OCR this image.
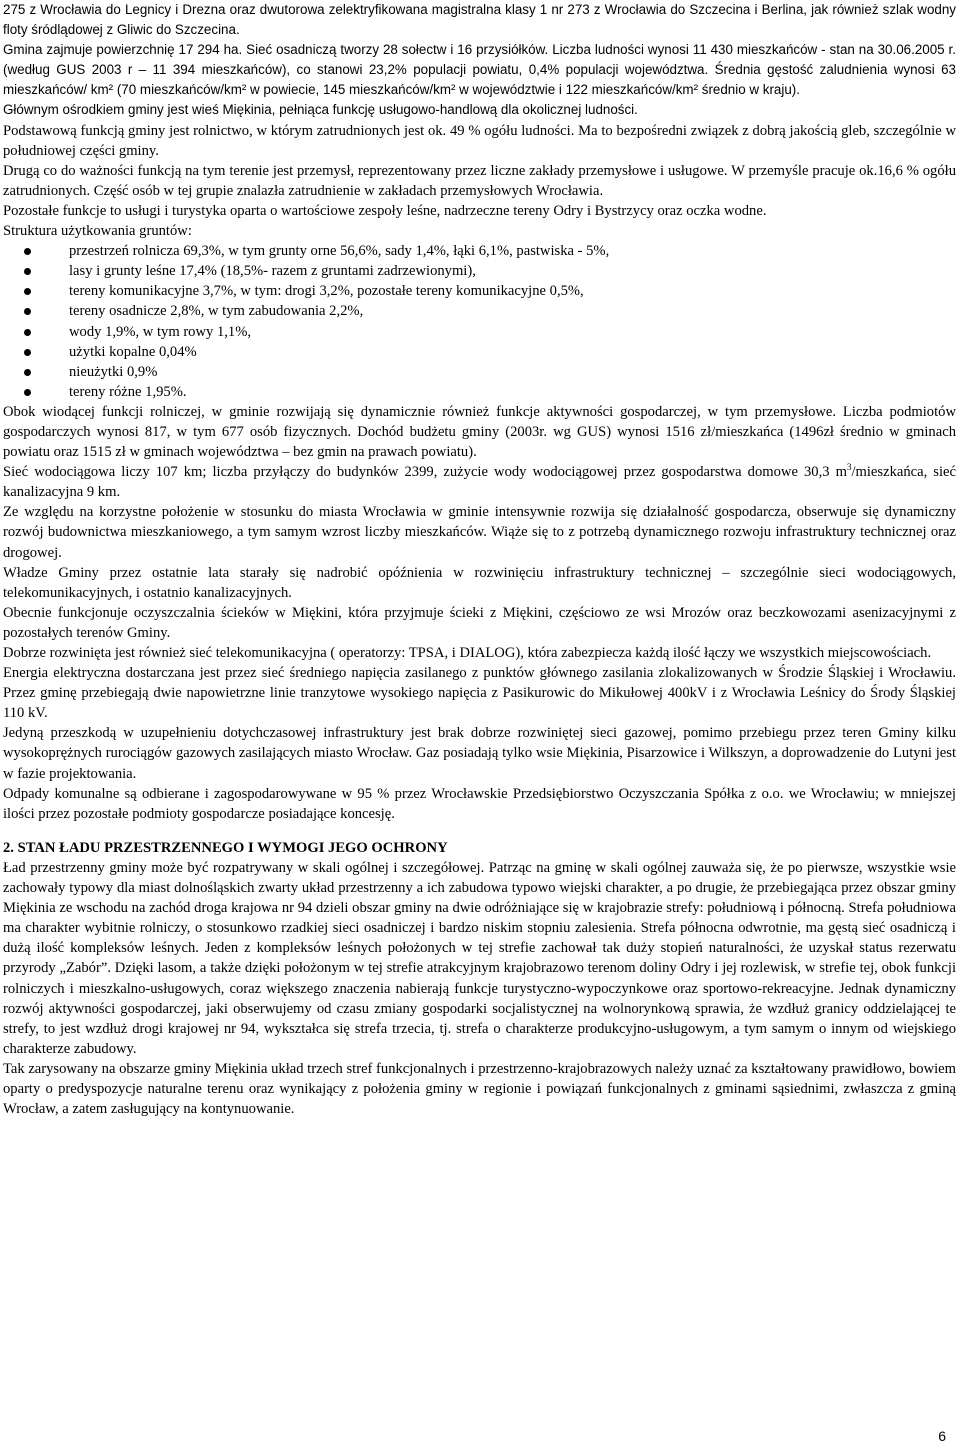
275 z Wrocławia do Legnicy i Drezna oraz dwutorowa zelektryfikowana magistralna klasy 1 nr 273 z Wrocławia do Szczecina i Berlina, jak również szlak wodny floty śródlądowej z Gliwic do Szczecina.

Gmina zajmuje powierzchnię 17 294 ha. Sieć osadniczą tworzy 28 sołectw i 16 przysiółków. Liczba ludności wynosi 11 430 mieszkańców - stan na 30.06.2005 r. (według GUS 2003 r – 11 394 mieszkańców), co stanowi 23,2% populacji powiatu, 0,4% populacji województwa. Średnia gęstość zaludnienia wynosi 63 mieszkańców/ km² (70 mieszkańców/km² w powiecie, 145 mieszkańców/km² w województwie i 122 mieszkańców/km² średnio w kraju).

Głównym ośrodkiem gminy jest wieś Miękinia, pełniąca funkcję usługowo-handlową dla okolicznej ludności.

Podstawową funkcją gminy jest rolnictwo, w którym zatrudnionych jest ok. 49 % ogółu ludności. Ma to bezpośredni związek z dobrą jakością gleb, szczególnie w południowej części gminy.

Drugą co do ważności funkcją na tym terenie jest przemysł, reprezentowany przez liczne zakłady przemysłowe i usługowe. W przemyśle pracuje ok.16,6 % ogółu zatrudnionych. Część osób w tej grupie znalazła zatrudnienie w zakładach przemysłowych Wrocławia.

Pozostałe funkcje to usługi i turystyka oparta o wartościowe zespoły leśne, nadrzeczne tereny Odry i Bystrzycy oraz oczka wodne.

Struktura użytkowania gruntów:

przestrzeń rolnicza 69,3%, w tym grunty orne 56,6%, sady 1,4%, łąki 6,1%, pastwiska - 5%,
lasy i grunty leśne 17,4% (18,5%- razem z gruntami zadrzewionymi),
tereny komunikacyjne 3,7%, w tym: drogi 3,2%, pozostałe tereny komunikacyjne 0,5%,
tereny osadnicze 2,8%, w tym zabudowania 2,2%,
wody 1,9%, w tym rowy 1,1%,
użytki kopalne 0,04%
nieużytki 0,9%
tereny różne 1,95%.

Obok wiodącej funkcji rolniczej, w gminie rozwijają się dynamicznie również funkcje aktywności gospodarczej, w tym przemysłowe. Liczba podmiotów gospodarczych wynosi 817, w tym 677 osób fizycznych. Dochód budżetu gminy (2003r. wg GUS) wynosi 1516 zł/mieszkańca (1496zł średnio w gminach powiatu oraz 1515 zł w gminach województwa – bez gmin na prawach powiatu).

Sieć wodociągowa liczy 107 km; liczba przyłączy do budynków 2399, zużycie wody wodociągowej przez gospodarstwa domowe 30,3 $m^3$/mieszkańca, sieć kanalizacyjna 9 km.

Ze względu na korzystne położenie w stosunku do miasta Wrocławia w gminie intensywnie rozwija się działalność gospodarcza, obserwuje się dynamiczny rozwój budownictwa mieszkaniowego, a tym samym wzrost liczby mieszkańców. Wiąże się to z potrzebą dynamicznego rozwoju infrastruktury technicznej oraz drogowej.

Władze Gminy przez ostatnie lata starały się nadrobić opóźnienia w rozwinięciu infrastruktury technicznej – szczególnie sieci wodociągowych, telekomunikacyjnych, i ostatnio kanalizacyjnych.

Obecnie funkcjonuje oczyszczalnia ścieków w Miękini, która przyjmuje ścieki z Miękini, częściowo ze wsi Mrozów oraz beczkowozami asenizacyjnymi z pozostałych terenów Gminy.

Dobrze rozwinięta jest również sieć telekomunikacyjna ( operatorzy: TPSA, i DIALOG), która zabezpiecza każdą ilość łączy we wszystkich miejscowościach.

Energia elektryczna dostarczana jest przez sieć średniego napięcia zasilanego z punktów głównego zasilania zlokalizowanych w Środzie Śląskiej i Wrocławiu. Przez gminę przebiegają dwie napowietrzne linie tranzytowe wysokiego napięcia z Pasikurowic do Mikułowej 400kV i z Wrocławia Leśnicy do Środy Śląskiej 110 kV.

Jedyną przeszkodą w uzupełnieniu dotychczasowej infrastruktury jest brak dobrze rozwiniętej sieci gazowej, pomimo przebiegu przez teren Gminy kilku wysokoprężnych rurociągów gazowych zasilających miasto Wrocław. Gaz posiadają tylko wsie Miękinia, Pisarzowice i Wilkszyn, a doprowadzenie do Lutyni jest w fazie projektowania.

Odpady komunalne są odbierane i zagospodarowywane w 95 % przez Wrocławskie Przedsiębiorstwo Oczyszczania Spółka z o.o. we Wrocławiu; w mniejszej ilości przez pozostałe podmioty gospodarcze posiadające koncesję.

2. STAN ŁADU PRZESTRZENNEGO I WYMOGI JEGO OCHRONY

Ład przestrzenny gminy może być rozpatrywany w skali ogólnej i szczegółowej. Patrząc na gminę w skali ogólnej zauważa się, że po pierwsze, wszystkie wsie zachowały typowy dla miast dolnośląskich zwarty układ przestrzenny a ich zabudowa typowo wiejski charakter, a po drugie, że przebiegająca przez obszar gminy Miękinia ze wschodu na zachód droga krajowa nr 94 dzieli obszar gminy na dwie odróżniające się w krajobrazie strefy: południową i północną. Strefa południowa ma charakter wybitnie rolniczy, o stosunkowo rzadkiej sieci osadniczej i bardzo niskim stopniu zalesienia. Strefa północna odwrotnie, ma gęstą sieć osadniczą i dużą ilość kompleksów leśnych. Jeden z kompleksów leśnych położonych w tej strefie zachował tak duży stopień naturalności, że uzyskał status rezerwatu przyrody „Zabór”. Dzięki lasom, a także dzięki położonym w tej strefie atrakcyjnym krajobrazowo terenom doliny Odry i jej rozlewisk, w strefie tej, obok funkcji rolniczych i mieszkalno-usługowych, coraz większego znaczenia nabierają funkcje turystyczno-wypoczynkowe oraz sportowo-rekreacyjne. Jednak dynamiczny rozwój aktywności gospodarczej, jaki obserwujemy od czasu zmiany gospodarki socjalistycznej na wolnorynkową sprawia, że wzdłuż granicy oddzielającej te strefy, to jest wzdłuż drogi krajowej nr 94, wykształca się strefa trzecia, tj. strefa o charakterze produkcyjno-usługowym, a tym samym o innym od wiejskiego charakterze zabudowy.

Tak zarysowany na obszarze gminy Miękinia układ trzech stref funkcjonalnych i przestrzenno-krajobrazowych należy uznać za kształtowany prawidłowo, bowiem oparty o predyspozycje naturalne terenu oraz wynikający z położenia gminy w regionie i powiązań funkcjonalnych z gminami sąsiednimi, zwłaszcza z gminą Wrocław, a zatem zasługujący na kontynuowanie.

6
